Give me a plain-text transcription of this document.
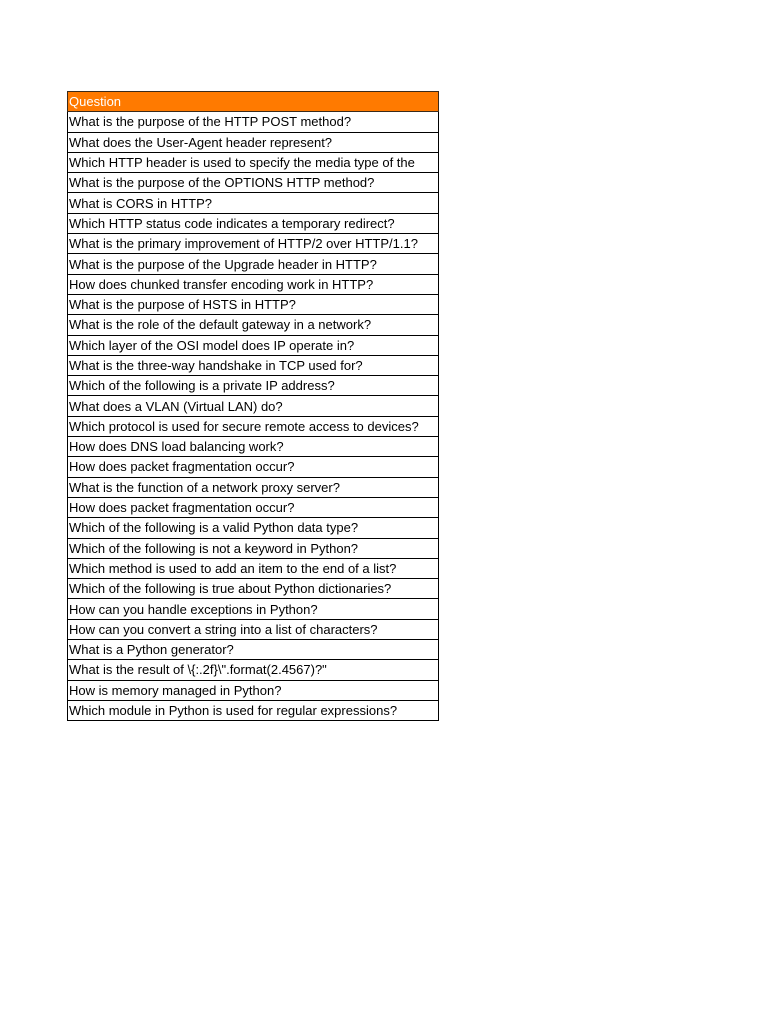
Question
What is the purpose of the HTTP POST method?
What does the User-Agent header represent?
Which HTTP header is used to specify the media type of the
What is the purpose of the OPTIONS HTTP method?
What is CORS in HTTP?
Which HTTP status code indicates a temporary redirect?
What is the primary improvement of HTTP/2 over HTTP/1.1?
What is the purpose of the Upgrade header in HTTP?
How does chunked transfer encoding work in HTTP?
What is the purpose of HSTS in HTTP?
What is the role of the default gateway in a network?
Which layer of the OSI model does IP operate in?
What is the three-way handshake in TCP used for?
Which of the following is a private IP address?
What does a VLAN (Virtual LAN) do?
Which protocol is used for secure remote access to devices?
How does DNS load balancing work?
How does packet fragmentation occur?
What is the function of a network proxy server?
How does packet fragmentation occur?
Which of the following is a valid Python data type?
Which of the following is not a keyword in Python?
Which method is used to add an item to the end of a list?
Which of the following is true about Python dictionaries?
How can you handle exceptions in Python?
How can you convert a string into a list of characters?
What is a Python generator?
What is the result of \{:.2f}\".format(2.4567)?"
How is memory managed in Python?
Which module in Python is used for regular expressions?
